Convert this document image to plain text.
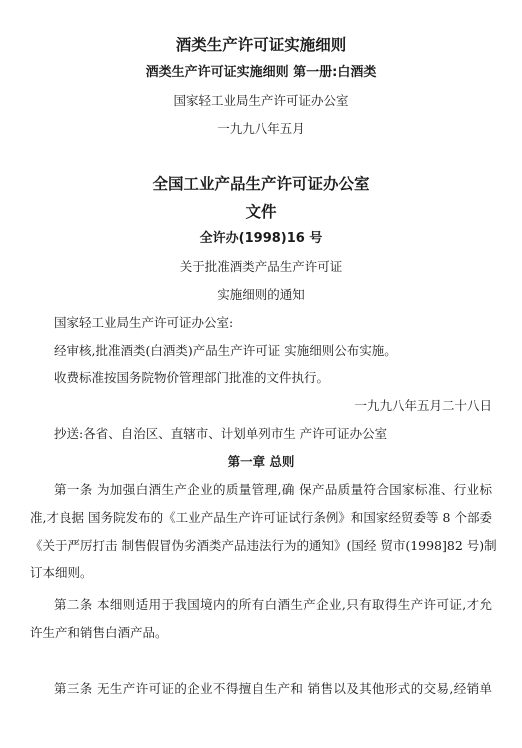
酒类生产许可证实施细则
酒类生产许可证实施细则 第一册:白酒类
国家轻工业局生产许可证办公室
一九九八年五月
全国工业产品生产许可证办公室
文件
全许办(1998)16 号
关于批准酒类产品生产许可证
实施细则的通知
国家轻工业局生产许可证办公室:
经审核,批准酒类(白酒类)产品生产许可证 实施细则公布实施。
收费标准按国务院物价管理部门批准的文件执行。
一九九八年五月二十八日
抄送:各省、自治区、直辖市、计划单列市生 产许可证办公室
第一章 总则
第一条 为加强白酒生产企业的质量管理,确 保产品质量符合国家标准、行业标
准,才良据 国务院发布的《工业产品生产许可证试行条例》和国家经贸委等 8 个部委
《关于严厉打击 制售假冒伪劣酒类产品违法行为的通知》(国经 贸市(1998]82 号)制
订本细则。
第二条 本细则适用于我国境内的所有白酒生产企业,只有取得生产许可证,才允
许生产和销售白酒产品。
第三条 无生产许可证的企业不得擅自生产和 销售以及其他形式的交易,经销单
